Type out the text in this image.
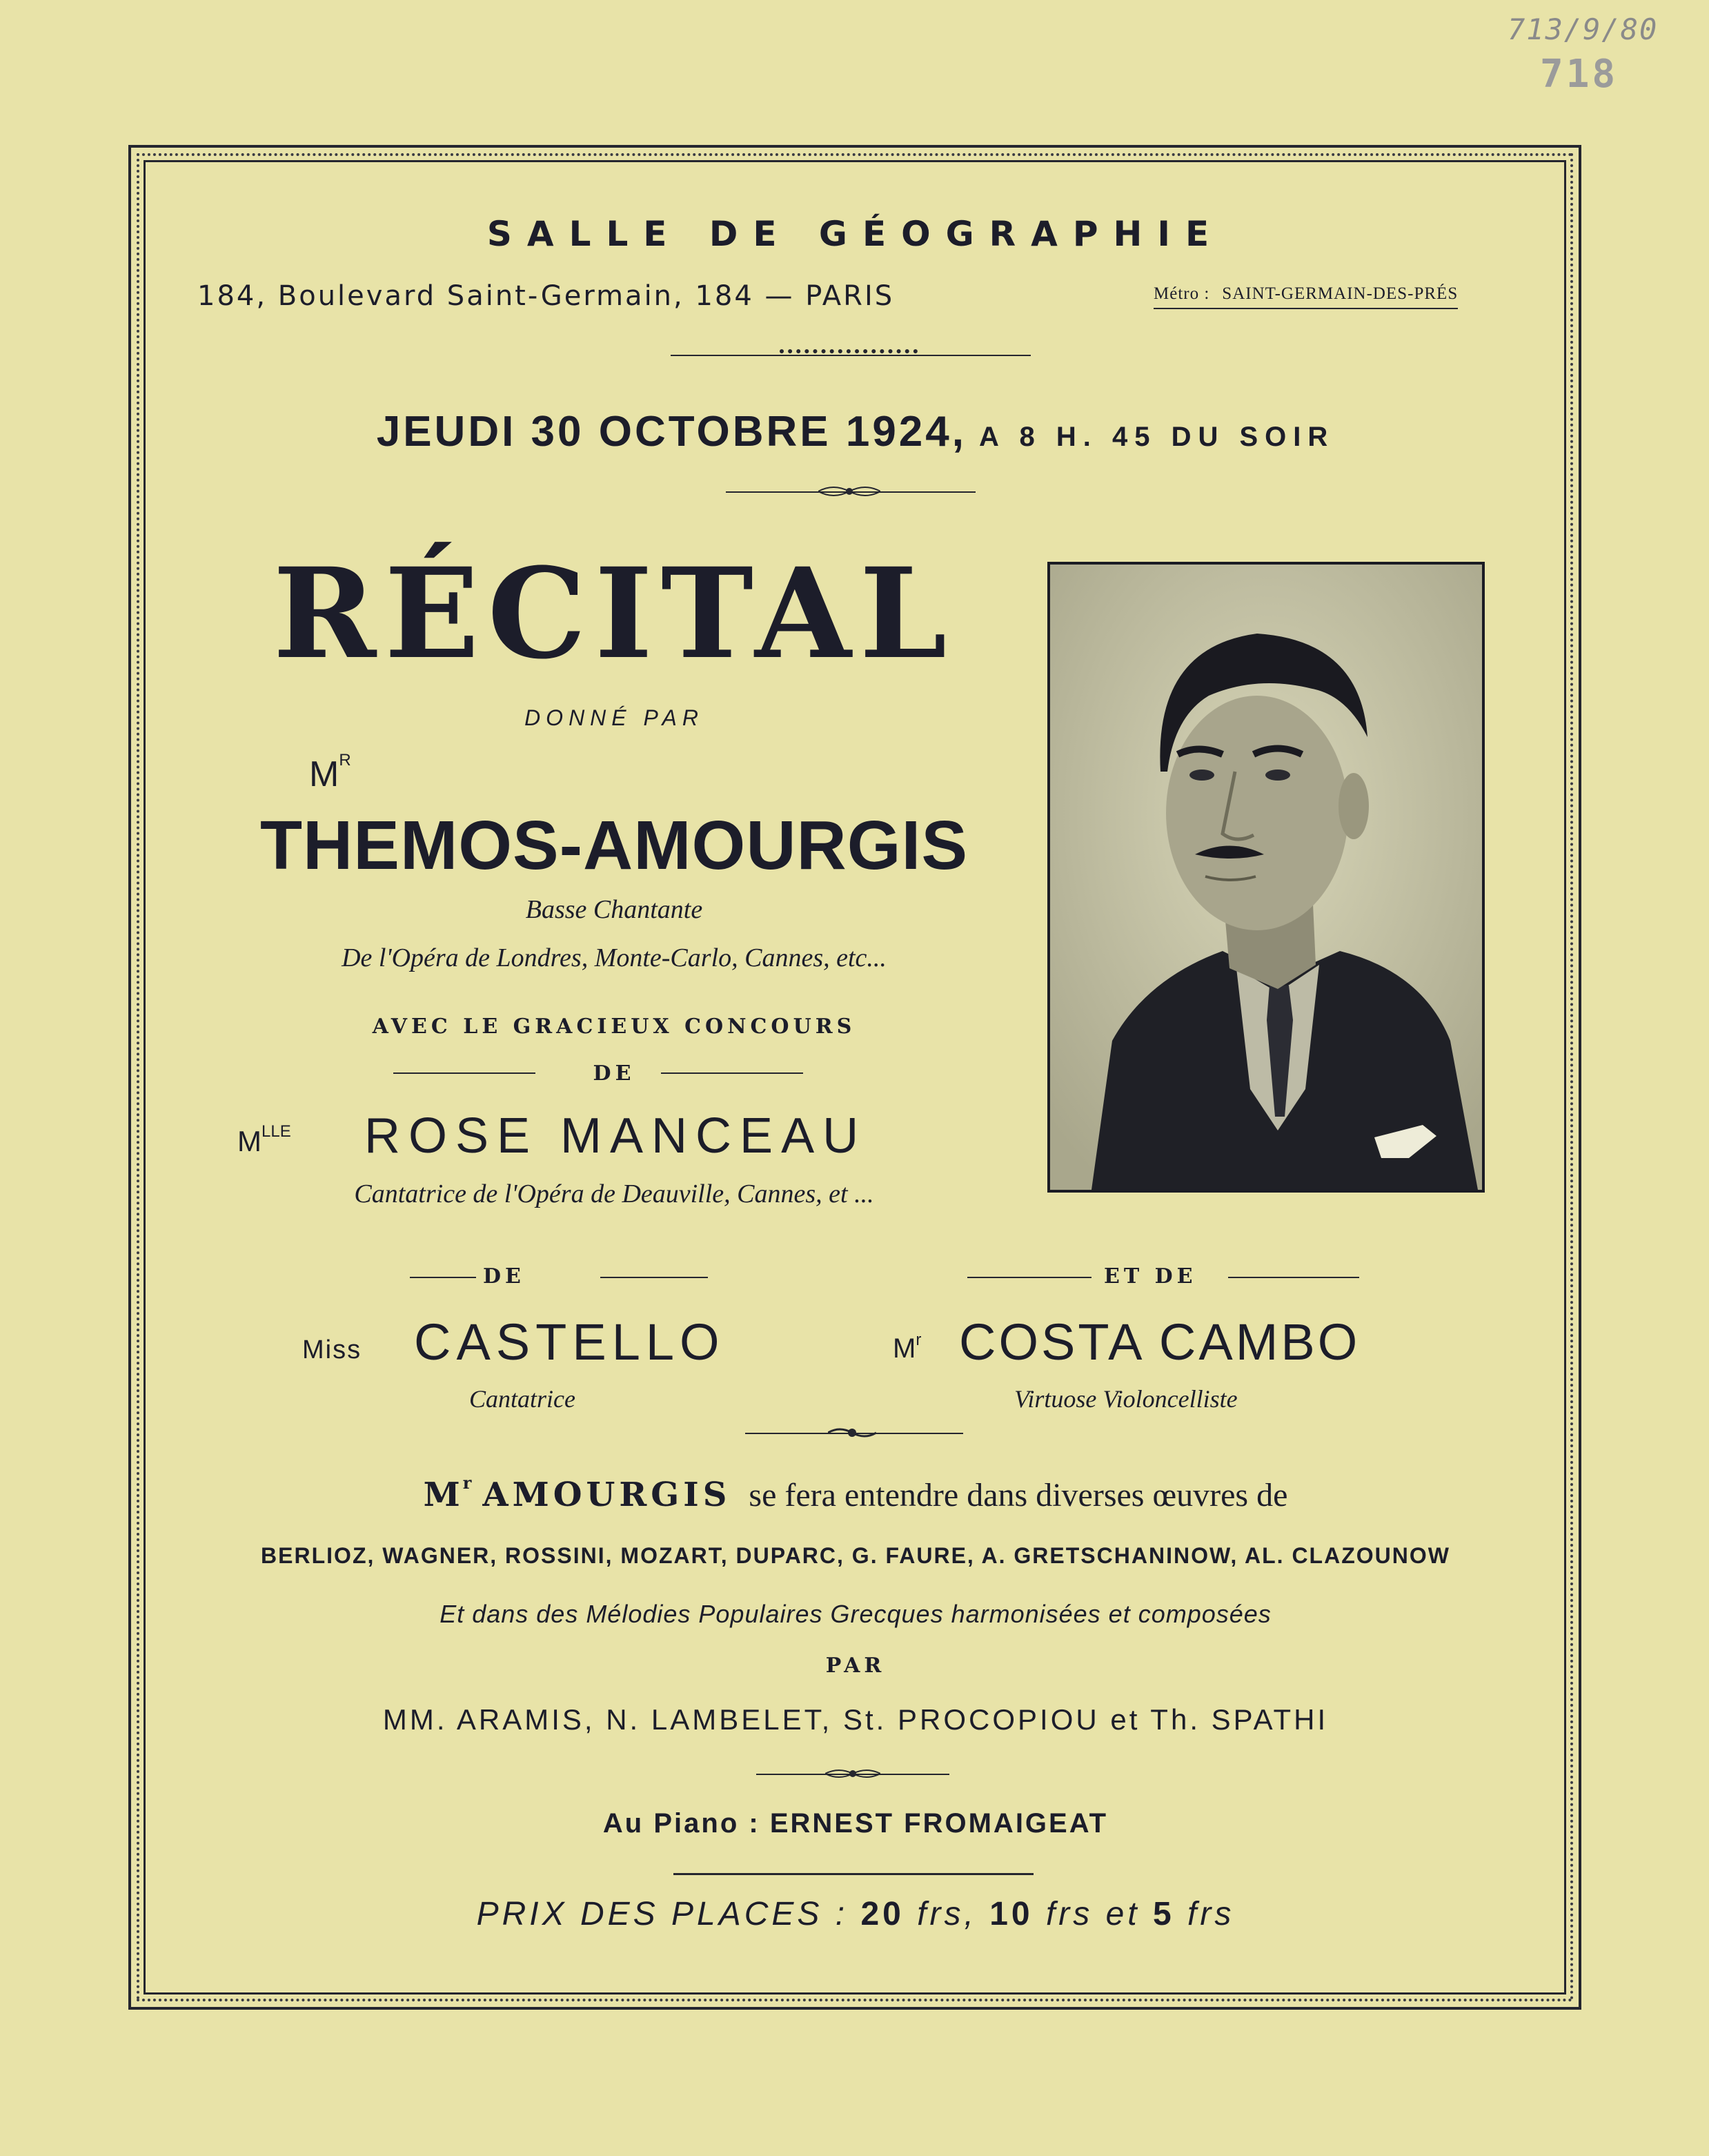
713/9/80
718
SALLE DE GÉOGRAPHIE
184, Boulevard Saint-Germain, 184 — PARIS	Métro : SAINT-GERMAIN-DES-PRÉS
JEUDI 30 OCTOBRE 1924, A 8 H. 45 DU SOIR
RÉCITAL
DONNÉ PAR
$M^R$
THEMOS-AMOURGIS
Basse Chantante
De l'Opéra de Londres, Monte-Carlo, Cannes, etc...
AVEC LE GRACIEUX CONCOURS
DE
$M^{LLE}$ ROSE MANCEAU
Cantatrice de l'Opéra de Deauville, Cannes, et ...
DE	ET DE
Miss CASTELLO
Cantatrice
$M^r$ COSTA CAMBO
Virtuose Violoncelliste
$M^r$ AMOURGIS se fera entendre dans diverses œuvres de
BERLIOZ, WAGNER, ROSSINI, MOZART, DUPARC, G. FAURE, A. GRETSCHANINOW, AL. CLAZOUNOW
Et dans des Mélodies Populaires Grecques harmonisées et composées
PAR
MM. ARAMIS, N. LAMBELET, St. PROCOPIOU et Th. SPATHI
Au Piano : ERNEST FROMAIGEAT
PRIX DES PLACES : 20 frs, 10 frs et 5 frs
